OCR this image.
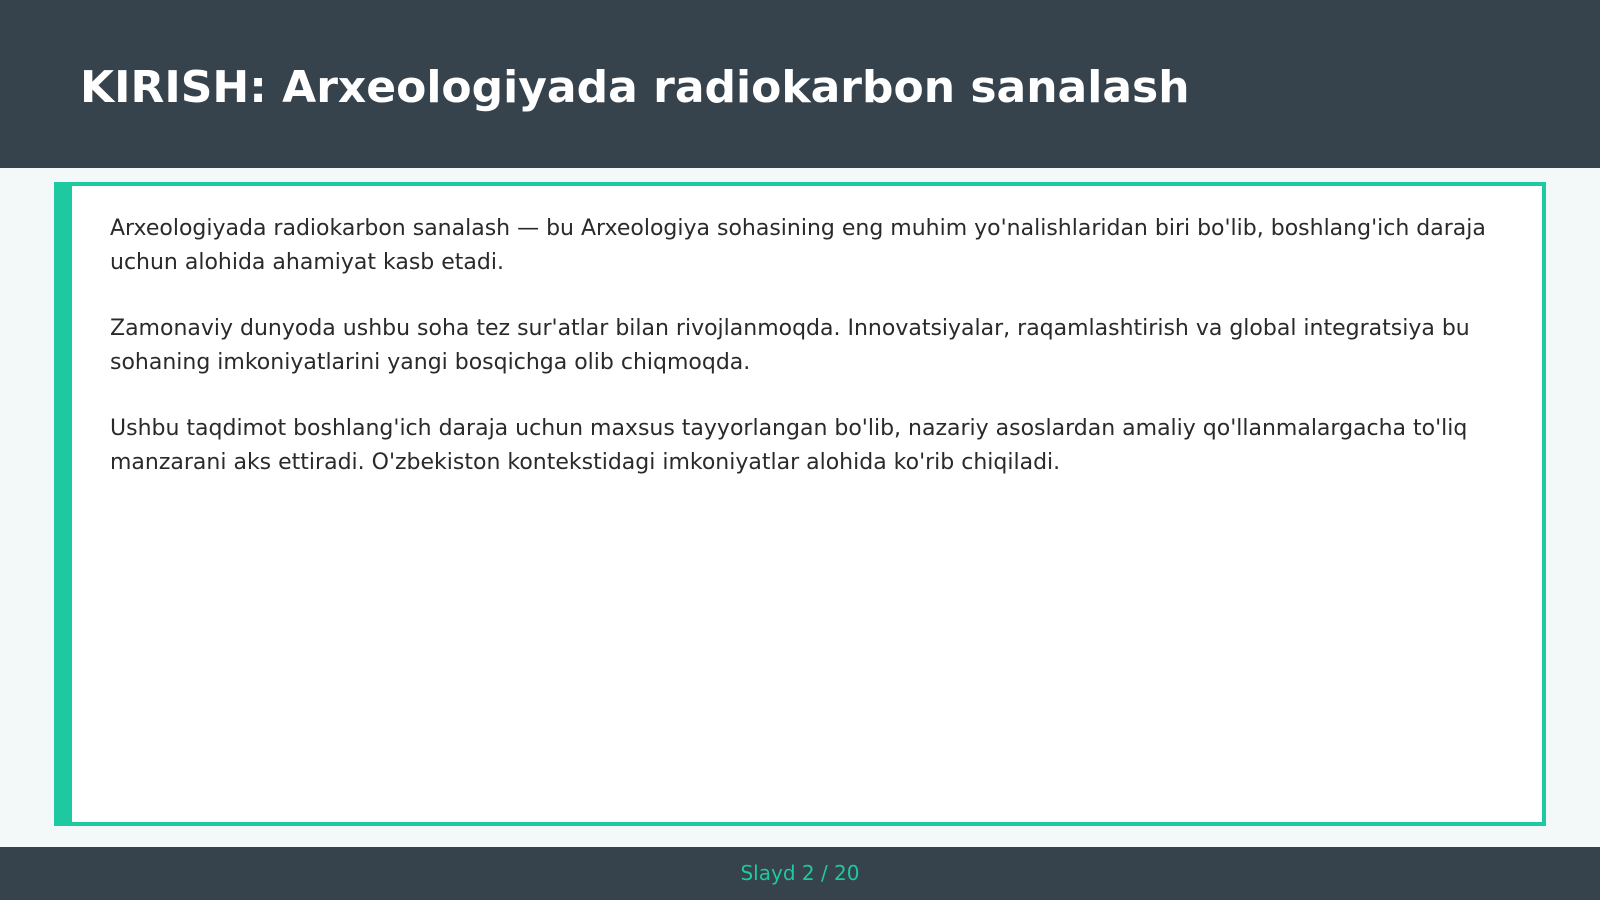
KIRISH: Arxeologiyada radiokarbon sanalash

Arxeologiyada radiokarbon sanalash — bu Arxeologiya sohasining eng muhim yo'nalishlaridan biri bo'lib, boshlang'ich daraja uchun alohida ahamiyat kasb etadi.

Zamonaviy dunyoda ushbu soha tez sur'atlar bilan rivojlanmoqda. Innovatsiyalar, raqamlashtirish va global integratsiya bu sohaning imkoniyatlarini yangi bosqichga olib chiqmoqda.

Ushbu taqdimot boshlang'ich daraja uchun maxsus tayyorlangan bo'lib, nazariy asoslardan amaliy qo'llanmalargacha to'liq manzarani aks ettiradi. O'zbekiston kontekstidagi imkoniyatlar alohida ko'rib chiqiladi.

Slayd 2 / 20
